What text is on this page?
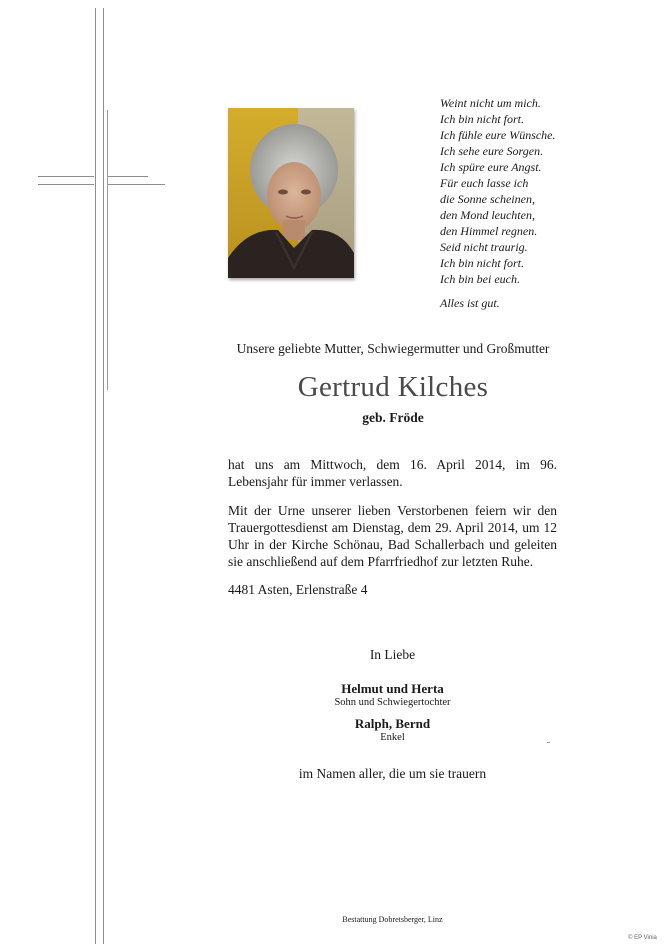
Weint nicht um mich.
Ich bin nicht fort.
Ich fühle eure Wünsche.
Ich sehe eure Sorgen.
Ich spüre eure Angst.
Für euch lasse ich
die Sonne scheinen,
den Mond leuchten,
den Himmel regnen.
Seid nicht traurig.
Ich bin nicht fort.
Ich bin bei euch.
Alles ist gut.
Unsere geliebte Mutter, Schwiegermutter und Großmutter
Gertrud Kilches
geb. Fröde
hat uns am Mittwoch, dem 16. April 2014, im 96. Lebensjahr für immer verlassen.
Mit der Urne unserer lieben Verstorbenen feiern wir den Trauergottesdienst am Dienstag, dem 29. April 2014, um 12 Uhr in der Kirche Schönau, Bad Schallerbach und geleiten sie anschließend auf dem Pfarrfriedhof zur letzten Ruhe.
4481 Asten, Erlenstraße 4
In Liebe
Helmut und Herta
Sohn und Schwiegertochter
Ralph, Bernd
Enkel
im Namen aller, die um sie trauern
Bestattung Dobretsberger, Linz
© EP Vinia
